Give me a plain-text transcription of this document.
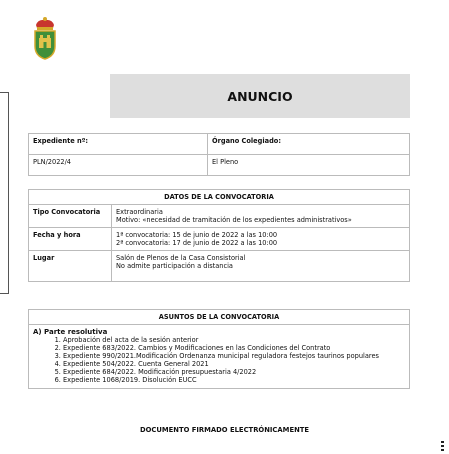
ANUNCIO
Expediente nº:	Órgano Colegiado:
PLN/2022/4	El Pleno
DATOS DE LA CONVOCATORIA	
Tipo Convocatoria	Extraordinaria
Motivo: «necesidad de tramitación de los expedientes administrativos»

Fecha y hora	1ª convocatoria: 15 de junio de 2022 a las 10:00
2ª convocatoria: 17 de junio de 2022 a las 10:00

Lugar	Salón de Plenos de la Casa Consistorial
No admite participación a distancia
ASUNTOS DE LA CONVOCATORIA

A) Parte resolutiva
1. Aprobación del acta de la sesión anterior
2. Expediente 683/2022. Cambios y Modificaciones en las Condiciones del Contrato
3. Expediente 990/2021.Modificación Ordenanza municipal reguladora festejos taurinos populares
4. Expediente 504/2022. Cuenta General 2021
5. Expediente 684/2022. Modificación presupuestaria 4/2022
6. Expediente 1068/2019. Disolución EUCC
DOCUMENTO FIRMADO ELECTRÓNICAMENTE
